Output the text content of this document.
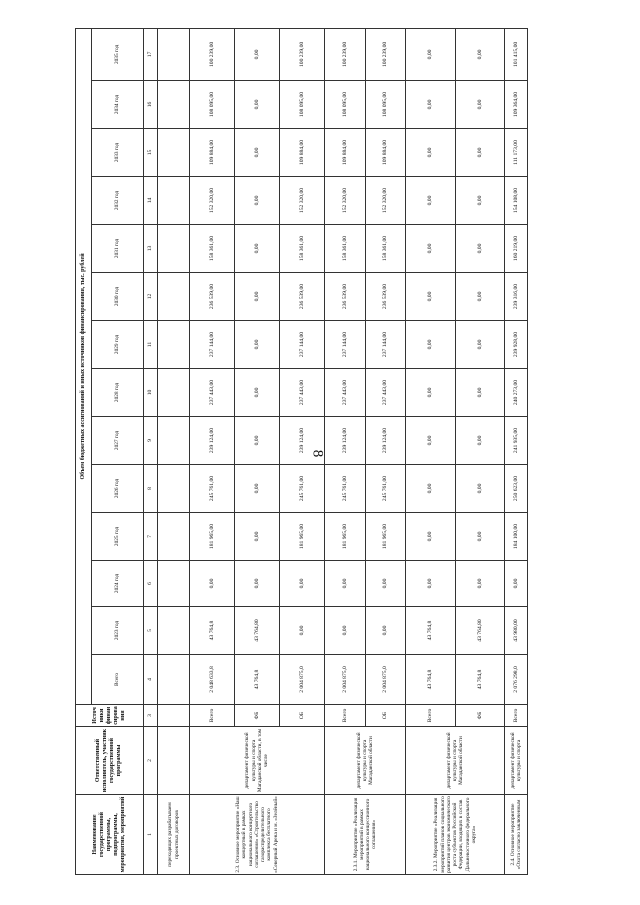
8
Наименование государственной программы, подпрограммы, мероприятия, мероприятий	Ответственный исполнитель, участник государственной программы	Источники финансирования	Объем бюджетных ассигнований и иных источников финансирования, тыс. рублей													
			Всего	2023 год	2024 год	2025 год	2026 год	2027 год	2028 год	2029 год	2030 год	2031 год	2032 год	2033 год	2034 год	2035 год
1	2	3	4	5	6	7	8	9	10	11	12	13	14	15	16	17
переходящих разрабатываем проектных договоров																
2.3. Основное мероприятие «Наш концертный в рамках национального концертного соглашения» «Строительство газораспределительного комплекса бесплатного «Северный Арена и м. «Зелёный»	департамент физической культуры и спорта Магаданской области, в том числе	Всего	2 048 633,8	43 764,8	0,00	181 965,00	245 761,00	239 124,00	237 443,00	237 144,00	236 539,00	158 361,00	152 320,00	109 884,00	108 095,00	100 239,00
		ФБ	43 764,8	43 764,80	0,00	0,00	0,00	0,00	0,00	0,00	0,00	0,00	0,00	0,00	0,00	0,00
		ОБ	2 004 875,0	0,00	0,00	181 965,00	245 761,00	239 124,00	237 443,00	237 144,00	236 539,00	158 361,00	152 320,00	109 884,00	108 095,00	100 239,00
2.3.1. Мероприятие «Реализация мероприятий в рамках национального концессионного соглашения»	департамент физической культуры и спорта Магаданской области	Всего	2 004 875,0	0,00	0,00	181 965,00	245 761,00	239 124,00	237 443,00	237 144,00	236 539,00	158 361,00	152 320,00	109 884,00	108 095,00	100 239,00
		ОБ	2 004 875,0	0,00	0,00	181 965,00	245 761,00	239 124,00	237 443,00	237 144,00	236 539,00	158 361,00	152 320,00	109 884,00	108 095,00	100 239,00
2.3.2. Мероприятие «Реализация мероприятий планов социального развития центров экономического роста субъектов Российской Федерации, входящих в состав Дальневосточного федерального округа»	департамент физической культуры и спорта Магаданской области	Всего	43 764,8	43 764,8	0,00	0,00	0,00	0,00	0,00	0,00	0,00	0,00	0,00	0,00	0,00	0,00
		ФБ	43 764,8	43 764,80	0,00	0,00	0,00	0,00	0,00	0,00	0,00	0,00	0,00	0,00	0,00	0,00
2.4. Основное мероприятие «Охота согласно заключенным	департамент физической культуры и спорта	Всего	2 076 298,0	43 980,00	0,00	184 100,00	250 623,00	241 935,00	240 273,00	239 928,00	239 316,00	160 219,00	154 108,00	111 173,00	109 364,00	101 415,00
